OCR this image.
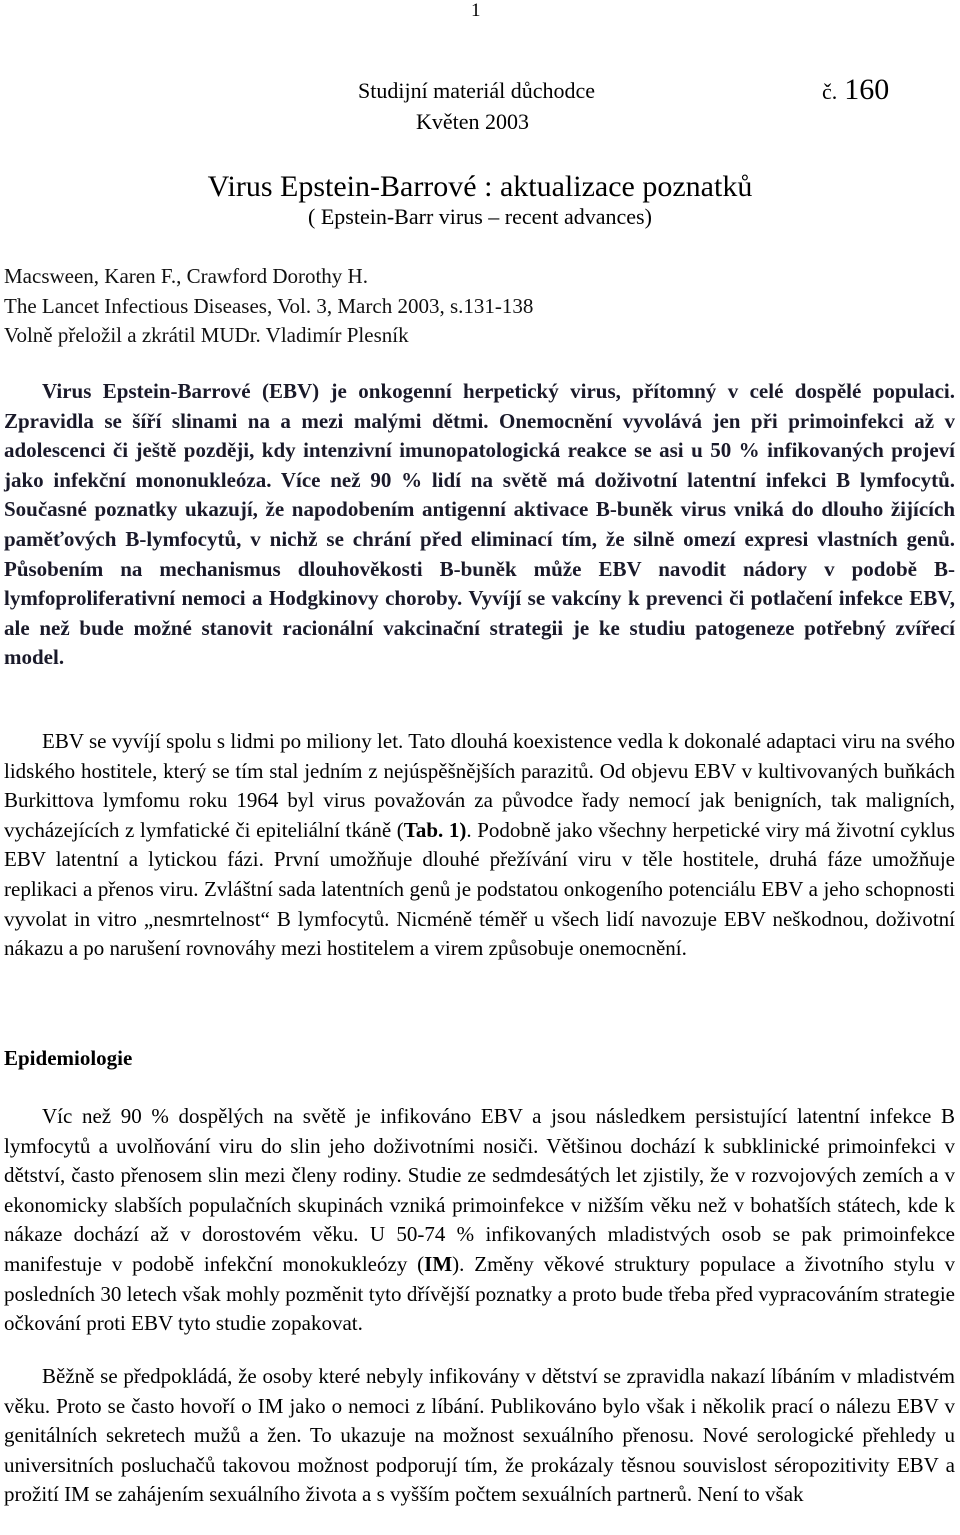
1
Studijní materiál důchodce	č. 160
Květen 2003
Virus Epstein-Barrové : aktualizace poznatků
( Epstein-Barr virus – recent advances)
Macsween, Karen F., Crawford Dorothy H.
The Lancet Infectious Diseases, Vol. 3, March 2003, s.131-138
Volně přeložil a zkrátil MUDr. Vladimír Plesník

Virus Epstein-Barrové (EBV) je onkogenní herpetický virus, přítomný v celé dospělé populaci. Zpravidla se šíří slinami na a mezi malými dětmi. Onemocnění vyvolává jen při primoinfekci až v adolescenci či ještě později, kdy intenzivní imunopatologická reakce se asi u 50 % infikovaných projeví jako infekční mononukleóza. Více než 90 % lidí na světě má doživotní latentní infekci B lymfocytů. Současné poznatky ukazují, že napodobením antigenní aktivace B-buněk virus vniká do dlouho žijících paměťových B-lymfocytů, v nichž se chrání před eliminací tím, že silně omezí expresi vlastních genů. Působením na mechanismus dlouhověkosti B-buněk může EBV navodit nádory v podobě B-lymfoproliferativní nemoci a Hodgkinovy choroby. Vyvíjí se vakcíny k prevenci či potlačení infekce EBV, ale než bude možné stanovit racionální vakcinační strategii je ke studiu patogeneze potřebný zvířecí model.

EBV se vyvíjí spolu s lidmi po miliony let. Tato dlouhá koexistence vedla k dokonalé adaptaci viru na svého lidského hostitele, který se tím stal jedním z nejúspěšnějších parazitů. Od objevu EBV v kultivovaných buňkách Burkittova lymfomu roku 1964 byl virus považován za původce řady nemocí jak benigních, tak maligních, vycházejících z lymfatické či epiteliální tkáně (Tab. 1). Podobně jako všechny herpetické viry má životní cyklus EBV latentní a lytickou fázi. První umožňuje dlouhé přežívání viru v těle hostitele, druhá fáze umožňuje replikaci a přenos viru. Zvláštní sada latentních genů je podstatou onkogeního potenciálu EBV a jeho schopnosti vyvolat in vitro „nesmrtelnost“ B lymfocytů. Nicméně téměř u všech lidí navozuje EBV neškodnou, doživotní nákazu a po narušení rovnováhy mezi hostitelem a virem způsobuje onemocnění.

Epidemiologie

Víc než 90 % dospělých na světě je infikováno EBV a jsou následkem persistující latentní infekce B lymfocytů a uvolňování viru do slin jeho doživotními nosiči. Většinou dochází k subklinické primoinfekci v dětství, často přenosem slin mezi členy rodiny. Studie ze sedmdesátých let zjistily, že v rozvojových zemích a v ekonomicky slabších populačních skupinách vzniká primoinfekce v nižším věku než v bohatších státech, kde k nákaze dochází až v dorostovém věku. U 50-74 % infikovaných mladistvých osob se pak primoinfekce manifestuje v podobě infekční monokukleózy (IM). Změny věkové struktury populace a životního stylu v posledních 30 letech však mohly pozměnit tyto dřívější poznatky a proto bude třeba před vypracováním strategie očkování proti EBV tyto studie zopakovat.

Běžně se předpokládá, že osoby které nebyly infikovány v dětství se zpravidla nakazí líbáním v mladistvém věku. Proto se často hovoří o IM jako o nemoci z líbání. Publikováno bylo však i několik prací o nálezu EBV v genitálních sekretech mužů a žen. To ukazuje na možnost sexuálního přenosu. Nové serologické přehledy u universitních posluchačů takovou možnost podporují tím, že prokázaly těsnou souvislost séropozitivity EBV a prožití IM se zahájením sexuálního života a s vyšším počtem sexuálních partnerů. Není to však
